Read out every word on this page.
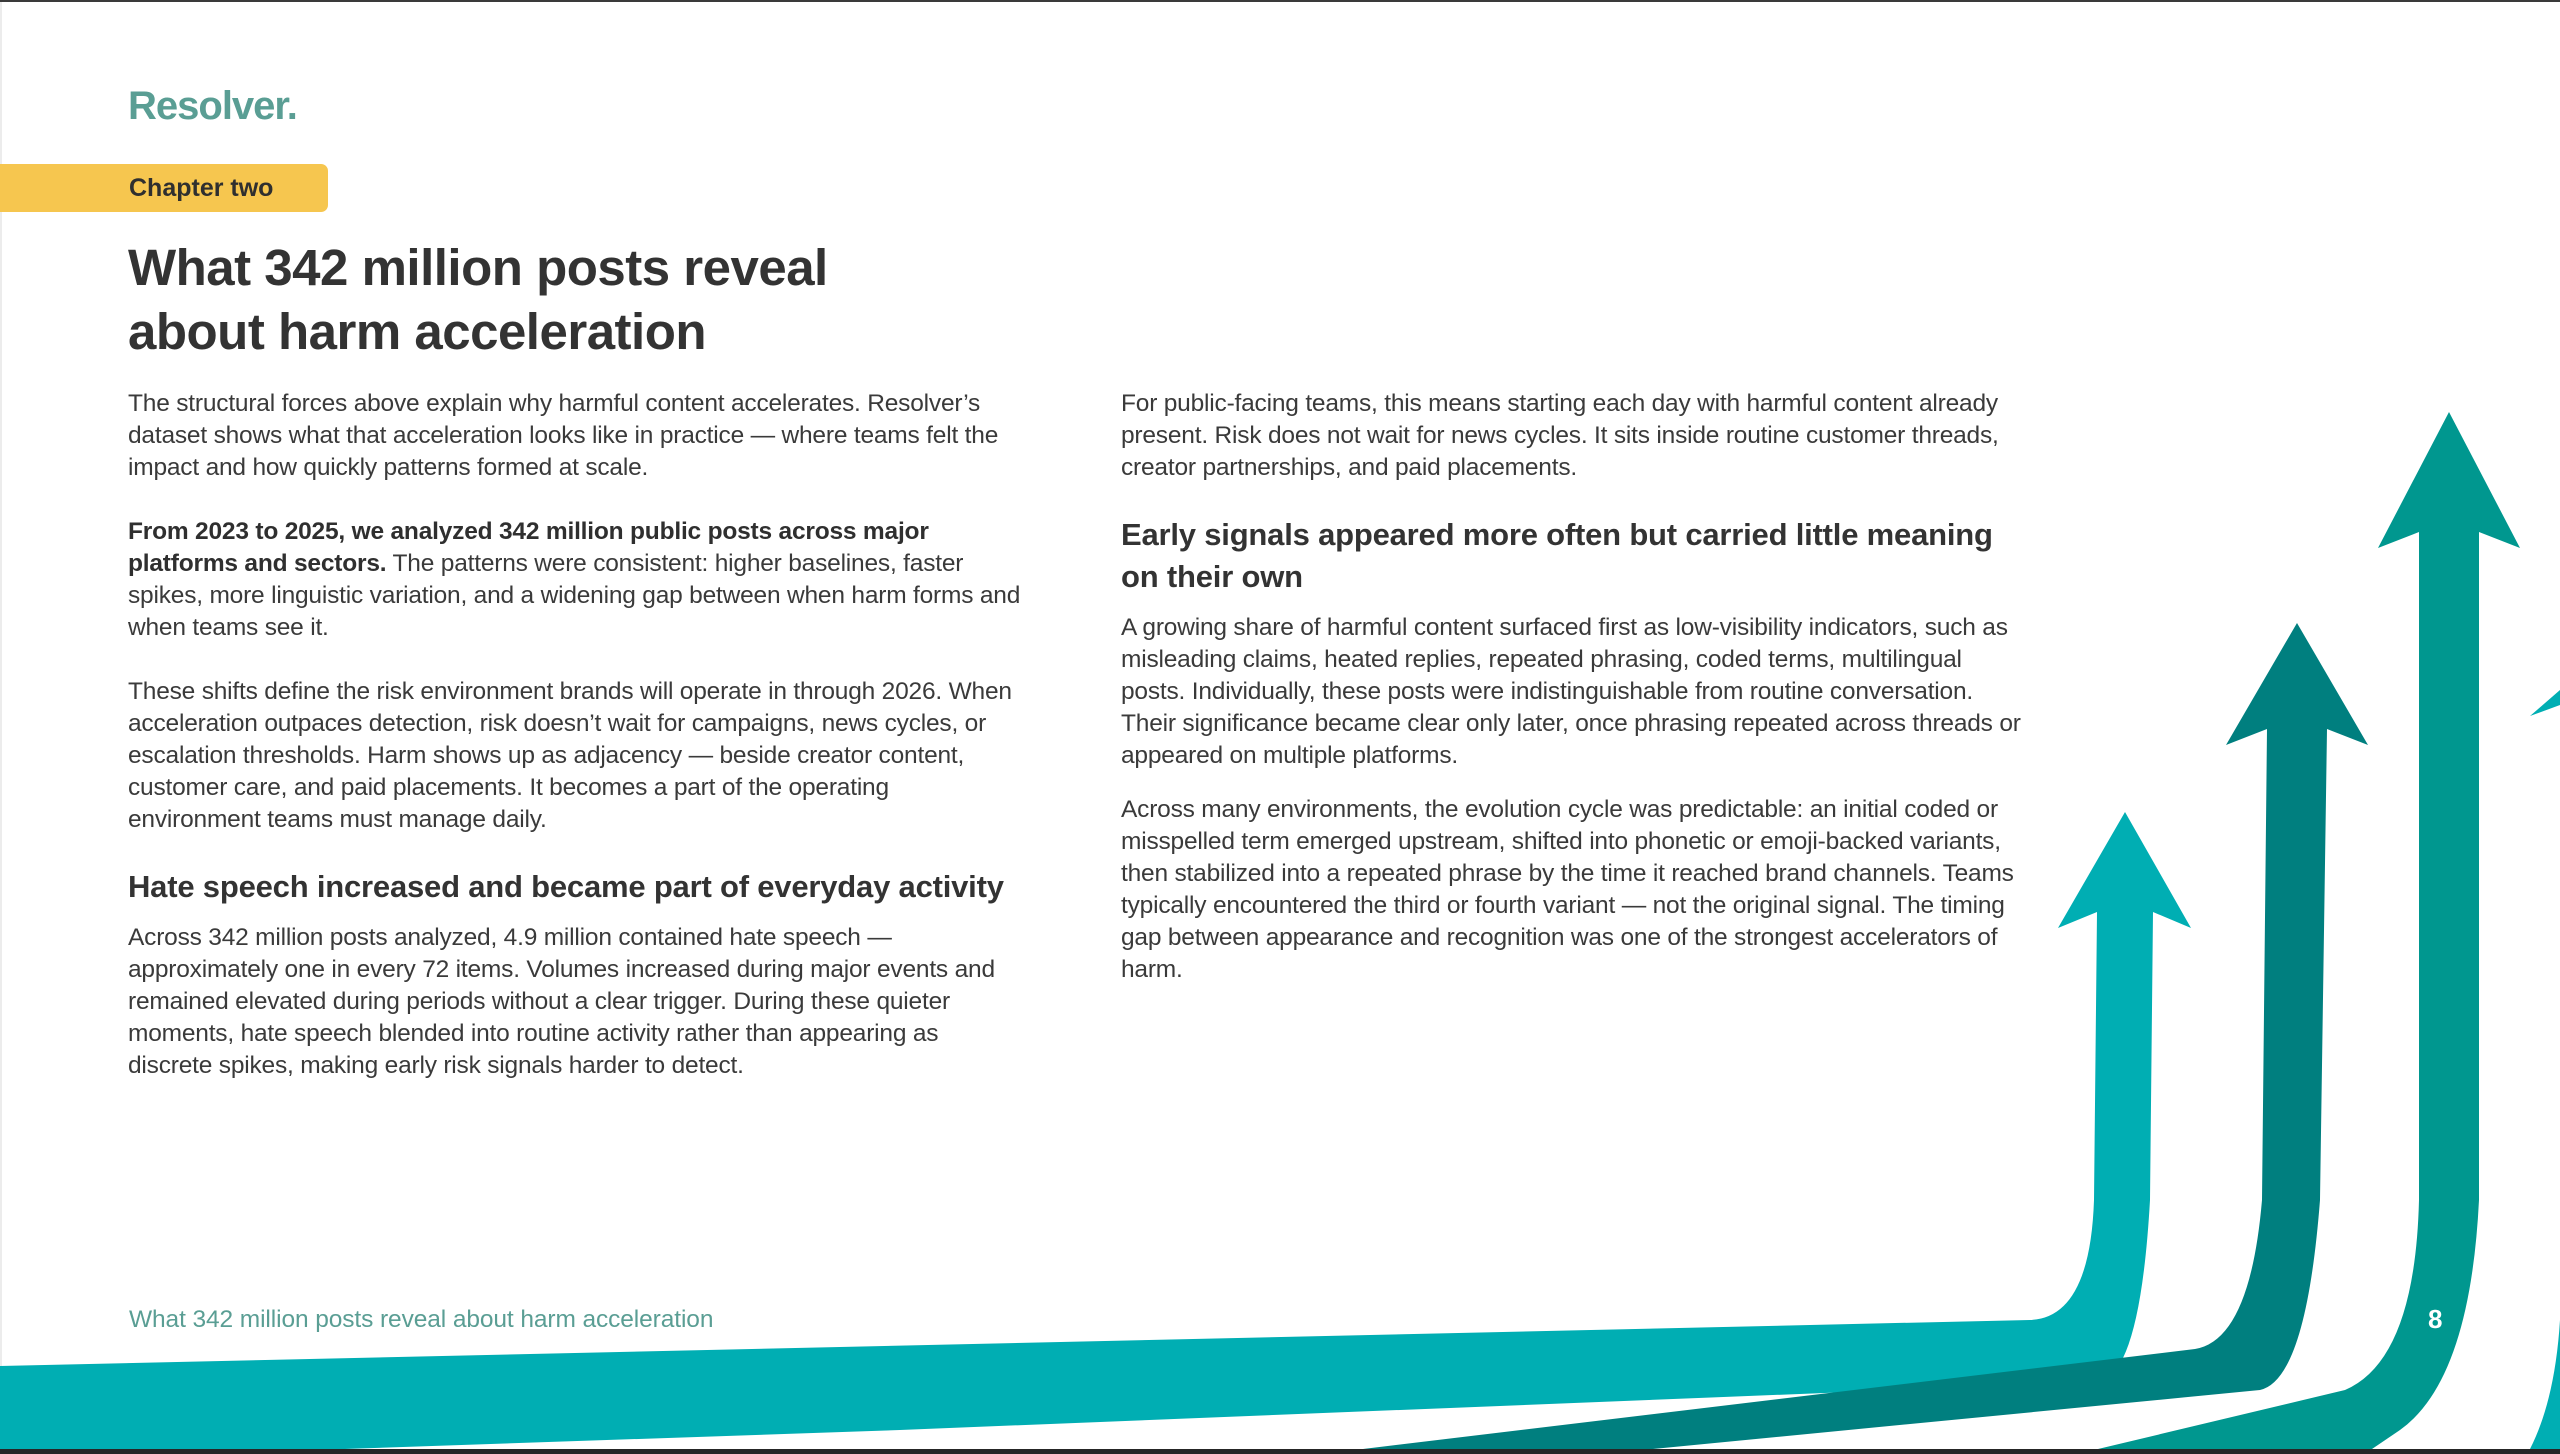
Resolver.
Chapter two
What 342 million posts reveal
about harm acceleration

The structural forces above explain why harmful content accelerates. Resolver’s dataset shows what that acceleration looks like in practice — where teams felt the impact and how quickly patterns formed at scale.

From 2023 to 2025, we analyzed 342 million public posts across major platforms and sectors. The patterns were consistent: higher baselines, faster spikes, more linguistic variation, and a widening gap between when harm forms and when teams see it.

These shifts define the risk environment brands will operate in through 2026. When acceleration outpaces detection, risk doesn’t wait for campaigns, news cycles, or escalation thresholds. Harm shows up as adjacency — beside creator content, customer care, and paid placements. It becomes a part of the operating environment teams must manage daily.

Hate speech increased and became part of everyday activity

Across 342 million posts analyzed, 4.9 million contained hate speech — approximately one in every 72 items. Volumes increased during major events and remained elevated during periods without a clear trigger. During these quieter moments, hate speech blended into routine activity rather than appearing as discrete spikes, making early risk signals harder to detect.

For public-facing teams, this means starting each day with harmful content already present. Risk does not wait for news cycles. It sits inside routine customer threads, creator partnerships, and paid placements.

Early signals appeared more often but carried little meaning on their own

A growing share of harmful content surfaced first as low-visibility indicators, such as misleading claims, heated replies, repeated phrasing, coded terms, multilingual posts. Individually, these posts were indistinguishable from routine conversation. Their significance became clear only later, once phrasing repeated across threads or appeared on multiple platforms.

Across many environments, the evolution cycle was predictable: an initial coded or misspelled term emerged upstream, shifted into phonetic or emoji-backed variants, then stabilized into a repeated phrase by the time it reached brand channels. Teams typically encountered the third or fourth variant — not the original signal. The timing gap between appearance and recognition was one of the strongest accelerators of harm.

What 342 million posts reveal about harm acceleration	8
